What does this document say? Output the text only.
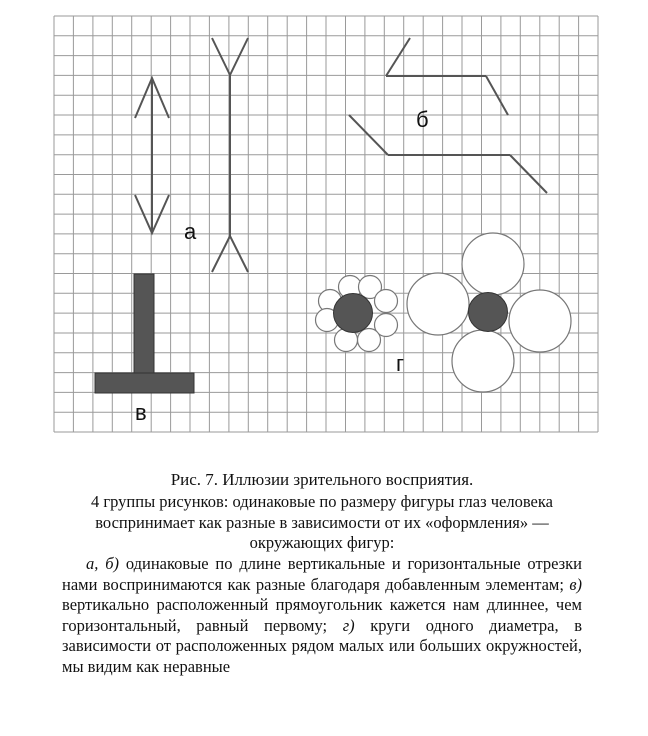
а
б
в
г
Рис. 7. Иллюзии зрительного восприятия.
4 группы рисунков: одинаковые по размеру фигуры глаз человека воспринимает как разные в зависимости от их «оформления» — окружающих фигур:
а, б) одинаковые по длине вертикальные и горизонтальные отрезки нами воспринимаются как разные благодаря добавленным элементам; в) вертикально расположенный прямоугольник кажется нам длиннее, чем горизонтальный, равный первому; г) круги одного диаметра, в зависимости от расположенных рядом малых или больших окружностей, мы видим как неравные
